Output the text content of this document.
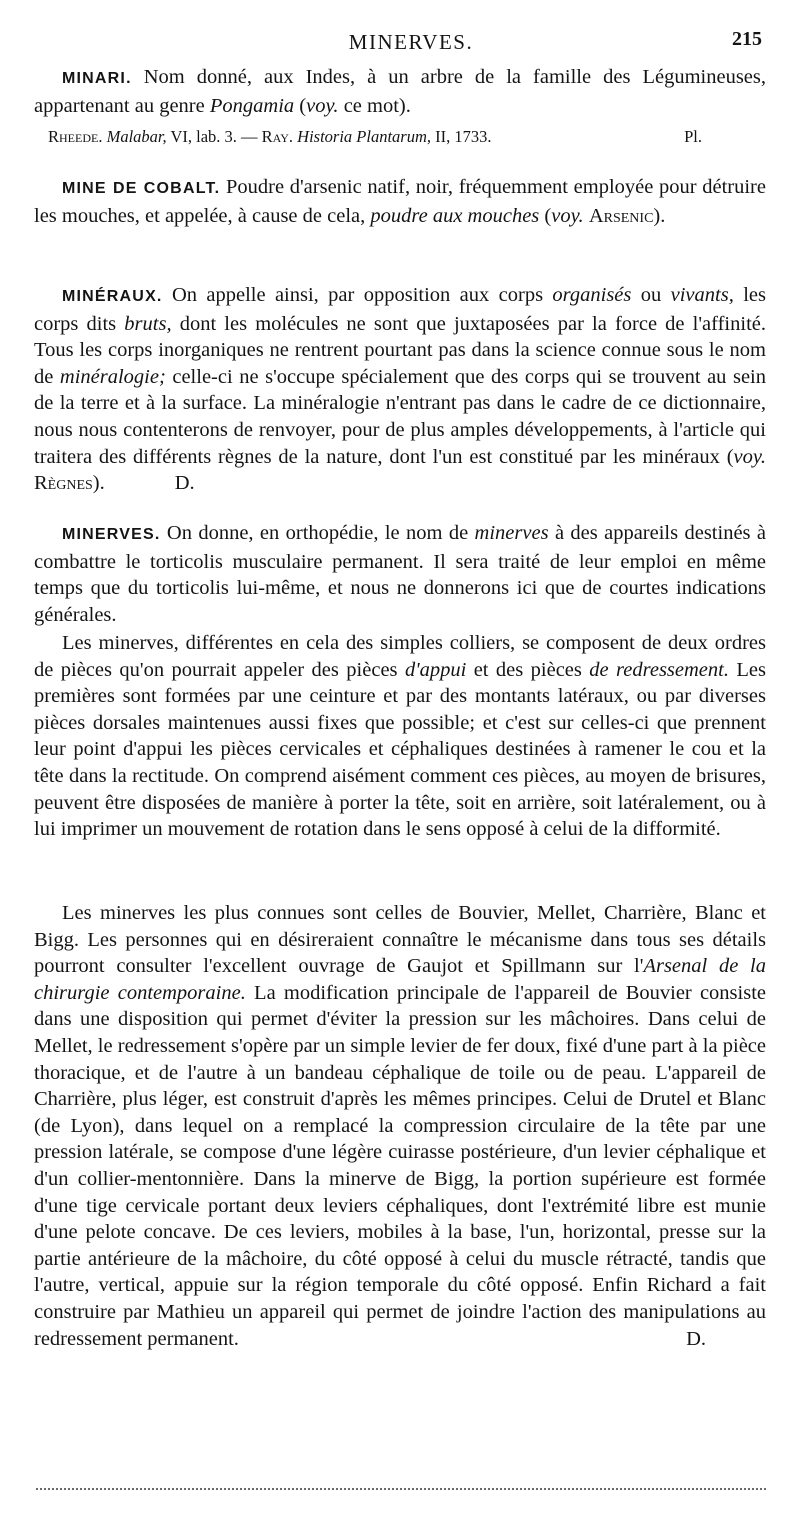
MINERVES.	215
MINARI. Nom donné, aux Indes, à un arbre de la famille des Légumineuses, appartenant au genre Pongamia (voy. ce mot).
Rheede. Malabar, VI, lab. 3. — Ray. Historia Plantarum, II, 1733.	Pl.
MINE DE COBALT. Poudre d'arsenic natif, noir, fréquemment employée pour détruire les mouches, et appelée, à cause de cela, poudre aux mouches (voy. Arsenic).
MINÉRAUX. On appelle ainsi, par opposition aux corps organisés ou vivants, les corps dits bruts, dont les molécules ne sont que juxtaposées par la force de l'affinité. Tous les corps inorganiques ne rentrent pourtant pas dans la science connue sous le nom de minéralogie; celle-ci ne s'occupe spécialement que des corps qui se trouvent au sein de la terre et à la surface. La minéralogie n'entrant pas dans le cadre de ce dictionnaire, nous nous contenterons de renvoyer, pour de plus amples développements, à l'article qui traitera des différents règnes de la nature, dont l'un est constitué par les minéraux (voy. Règnes).	D.
MINERVES. On donne, en orthopédie, le nom de minerves à des appareils destinés à combattre le torticolis musculaire permanent. Il sera traité de leur emploi en même temps que du torticolis lui-même, et nous ne donnerons ici que de courtes indications générales.
Les minerves, différentes en cela des simples colliers, se composent de deux ordres de pièces qu'on pourrait appeler des pièces d'appui et des pièces de redressement. Les premières sont formées par une ceinture et par des montants latéraux, ou par diverses pièces dorsales maintenues aussi fixes que possible; et c'est sur celles-ci que prennent leur point d'appui les pièces cervicales et céphaliques destinées à ramener le cou et la tête dans la rectitude. On comprend aisément comment ces pièces, au moyen de brisures, peuvent être disposées de manière à porter la tête, soit en arrière, soit latéralement, ou à lui imprimer un mouvement de rotation dans le sens opposé à celui de la difformité.
Les minerves les plus connues sont celles de Bouvier, Mellet, Charrière, Blanc et Bigg. Les personnes qui en désireraient connaître le mécanisme dans tous ses détails pourront consulter l'excellent ouvrage de Gaujot et Spillmann sur l'Arsenal de la chirurgie contemporaine. La modification principale de l'appareil de Bouvier consiste dans une disposition qui permet d'éviter la pression sur les mâchoires. Dans celui de Mellet, le redressement s'opère par un simple levier de fer doux, fixé d'une part à la pièce thoracique, et de l'autre à un bandeau céphalique de toile ou de peau. L'appareil de Charrière, plus léger, est construit d'après les mêmes principes. Celui de Drutel et Blanc (de Lyon), dans lequel on a remplacé la compression circulaire de la tête par une pression latérale, se compose d'une légère cuirasse postérieure, d'un levier céphalique et d'un collier-mentonnière. Dans la minerve de Bigg, la portion supérieure est formée d'une tige cervicale portant deux leviers céphaliques, dont l'extrémité libre est munie d'une pelote concave. De ces leviers, mobiles à la base, l'un, horizontal, presse sur la partie antérieure de la mâchoire, du côté opposé à celui du muscle rétracté, tandis que l'autre, vertical, appuie sur la région temporale du côté opposé. Enfin Richard a fait construire par Mathieu un appareil qui permet de joindre l'action des manipulations au redressement permanent.	D.
